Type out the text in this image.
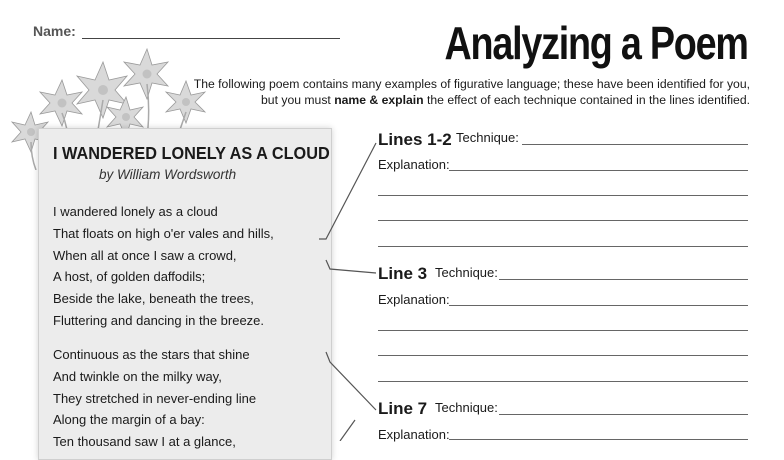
Name:	Analyzing a Poem
The following poem contains many examples of figurative language; these have been identified for you, but you must name & explain the effect of each technique contained in the lines identified.
I WANDERED LONELY AS A CLOUD
by William Wordsworth
I wandered lonely as a cloud
That floats on high o'er vales and hills,
When all at once I saw a crowd,
A host, of golden daffodils;
Beside the lake, beneath the trees,
Fluttering and dancing in the breeze.
Continuous as the stars that shine
And twinkle on the milky way,
They stretched in never-ending line
Along the margin of a bay:
Ten thousand saw I at a glance,
Lines 1-2 Technique:
Explanation:
Line 3 Technique:
Explanation:
Line 7 Technique:
Explanation:
